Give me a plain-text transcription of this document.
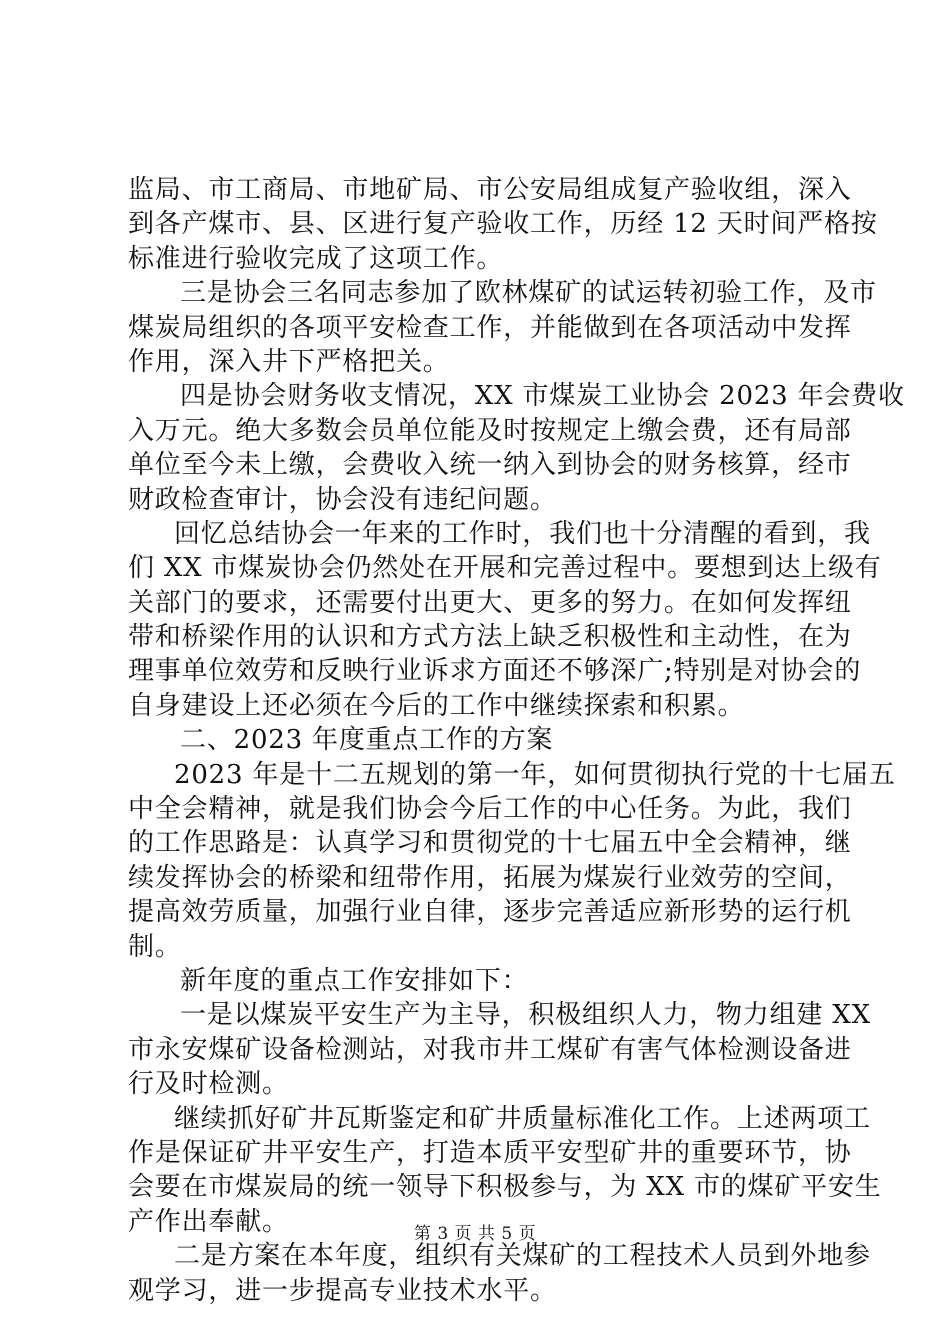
监局、市工商局、市地矿局、市公安局组成复产验收组，深入
到各产煤市、县、区进行复产验收工作，历经 12 天时间严格按
标准进行验收完成了这项工作。
三是协会三名同志参加了欧林煤矿的试运转初验工作，及市
煤炭局组织的各项平安检查工作，并能做到在各项活动中发挥
作用，深入井下严格把关。
四是协会财务收支情况，XX 市煤炭工业协会 2023 年会费收
入万元。绝大多数会员单位能及时按规定上缴会费，还有局部
单位至今未上缴，会费收入统一纳入到协会的财务核算，经市
财政检查审计，协会没有违纪问题。
回忆总结协会一年来的工作时，我们也十分清醒的看到，我
们 XX 市煤炭协会仍然处在开展和完善过程中。要想到达上级有
关部门的要求，还需要付出更大、更多的努力。在如何发挥纽
带和桥梁作用的认识和方式方法上缺乏积极性和主动性，在为
理事单位效劳和反映行业诉求方面还不够深广;特别是对协会的
自身建设上还必须在今后的工作中继续探索和积累。
二、2023 年度重点工作的方案
2023 年是十二五规划的第一年，如何贯彻执行党的十七届五
中全会精神，就是我们协会今后工作的中心任务。为此，我们
的工作思路是：认真学习和贯彻党的十七届五中全会精神，继
续发挥协会的桥梁和纽带作用，拓展为煤炭行业效劳的空间，
提高效劳质量，加强行业自律，逐步完善适应新形势的运行机
制。
新年度的重点工作安排如下：
一是以煤炭平安生产为主导，积极组织人力，物力组建 XX
市永安煤矿设备检测站，对我市井工煤矿有害气体检测设备进
行及时检测。
继续抓好矿井瓦斯鉴定和矿井质量标准化工作。上述两项工
作是保证矿井平安生产，打造本质平安型矿井的重要环节，协
会要在市煤炭局的统一领导下积极参与，为 XX 市的煤矿平安生
产作出奉献。
二是方案在本年度，组织有关煤矿的工程技术人员到外地参
观学习，进一步提高专业技术水平。
第 3 页 共 5 页
